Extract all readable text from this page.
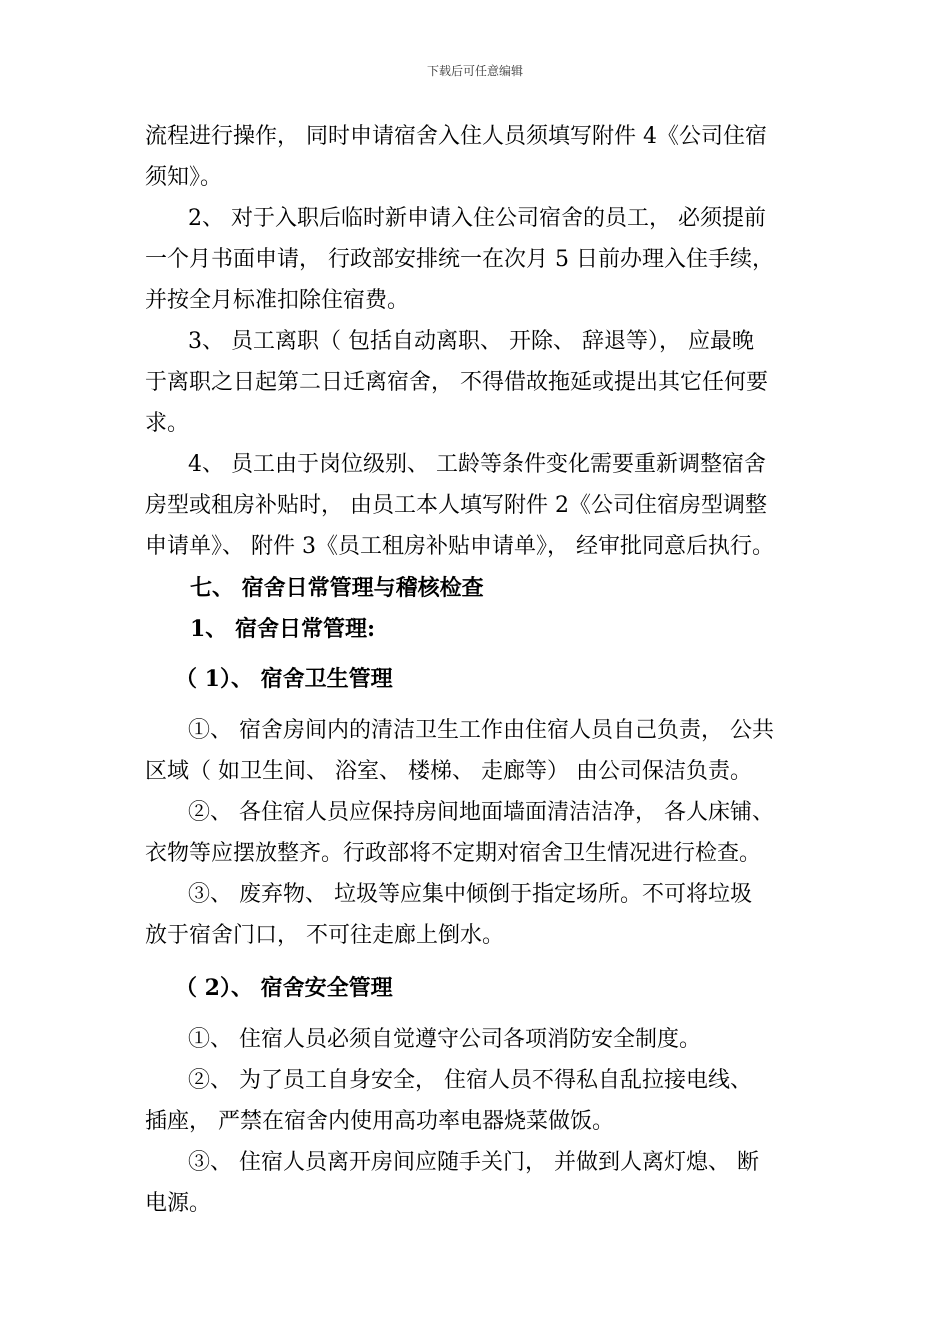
下载后可任意编辑
流程进行操作， 同时申请宿舍入住人员须填写附件 4《公司住宿
须知》。
2、 对于入职后临时新申请入住公司宿舍的员工， 必须提前
一个月书面申请， 行政部安排统一在次月 5 日前办理入住手续，
并按全月标准扣除住宿费。
3、 员工离职（ 包括自动离职、 开除、 辞退等）， 应最晚
于离职之日起第二日迁离宿舍， 不得借故拖延或提出其它任何要
求。
4、 员工由于岗位级别、 工龄等条件变化需要重新调整宿舍
房型或租房补贴时， 由员工本人填写附件 2《公司住宿房型调整
申请单》、 附件 3《员工租房补贴申请单》， 经审批同意后执行。
七、 宿舍日常管理与稽核检查
1、 宿舍日常管理:
（ 1）、 宿舍卫生管理
①、 宿舍房间内的清洁卫生工作由住宿人员自己负责， 公共
区域（ 如卫生间、 浴室、 楼梯、 走廊等） 由公司保洁负责。
②、 各住宿人员应保持房间地面墙面清洁洁净， 各人床铺、
衣物等应摆放整齐。行政部将不定期对宿舍卫生情况进行检查。
③、 废弃物、 垃圾等应集中倾倒于指定场所。不可将垃圾
放于宿舍门口， 不可往走廊上倒水。
（ 2）、 宿舍安全管理
①、 住宿人员必须自觉遵守公司各项消防安全制度。
②、 为了员工自身安全， 住宿人员不得私自乱拉接电线、
插座， 严禁在宿舍内使用高功率电器烧菜做饭。
③、 住宿人员离开房间应随手关门， 并做到人离灯熄、 断
电源。
